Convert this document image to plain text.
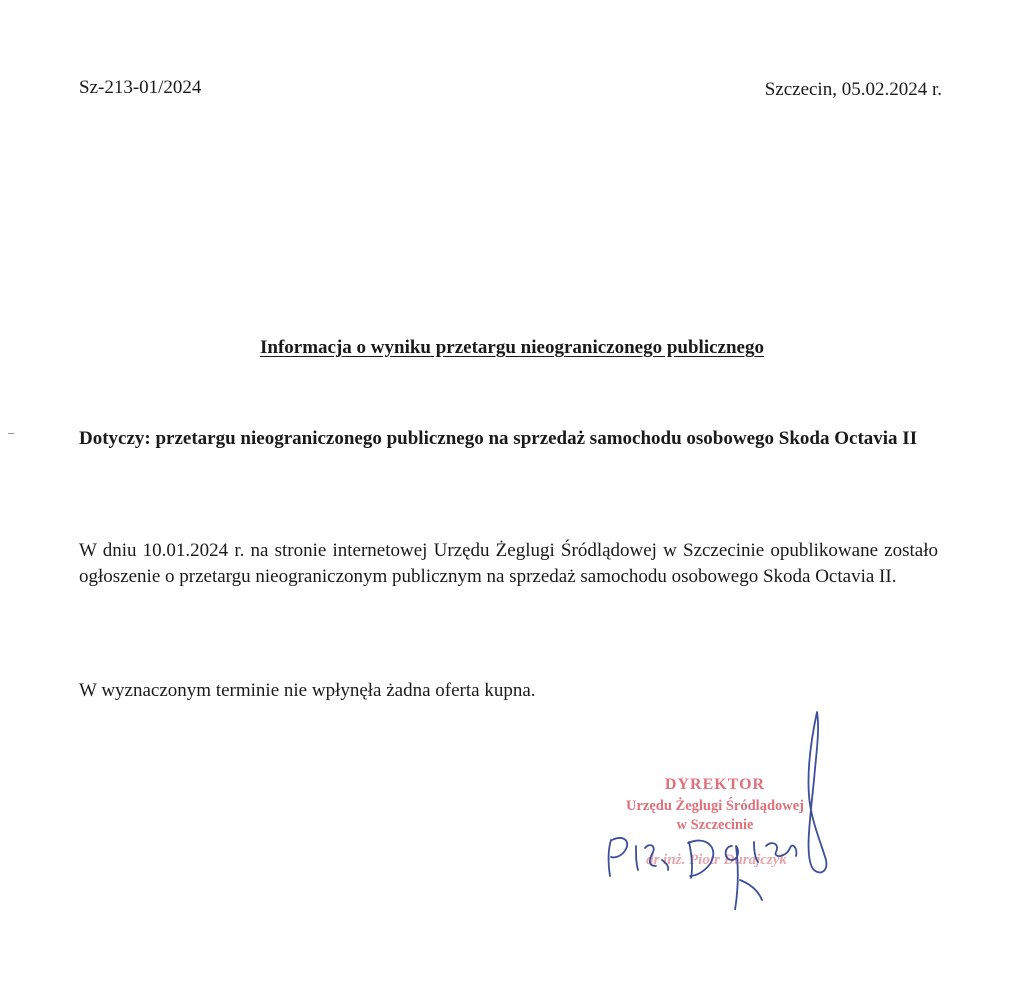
Sz-213-01/2024	Szczecin, 05.02.2024 r.
Informacja o wyniku przetargu nieograniczonego publicznego
Dotyczy: przetargu nieograniczonego publicznego na sprzedaż samochodu osobowego Skoda Octavia II
W dniu 10.01.2024 r. na stronie internetowej Urzędu Żeglugi Śródlądowej w Szczecinie opublikowane zostało ogłoszenie o przetargu nieograniczonym publicznym na sprzedaż samochodu osobowego Skoda Octavia II.
W wyznaczonym terminie nie wpłynęła żadna oferta kupna.
DYREKTOR
Urzędu Żeglugi Śródlądowej
w Szczecinie
dr inż. Piotr Durajczyk
